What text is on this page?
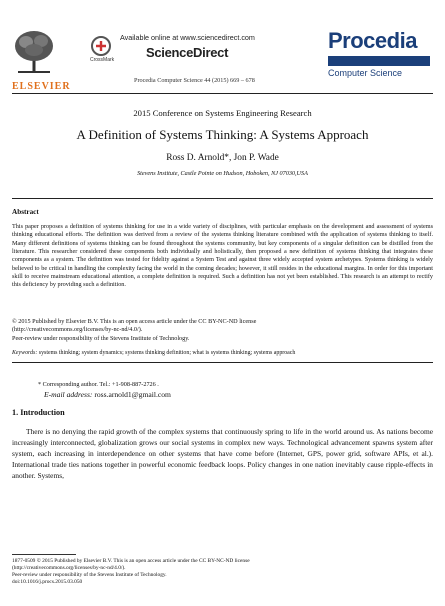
ELSEVIER
CrossMark
Available online at www.sciencedirect.com
ScienceDirect
Procedia Computer Science 44 (2015) 669 – 678
Procedia
Computer Science
2015 Conference on Systems Engineering Research
A Definition of Systems Thinking: A Systems Approach
Ross D. Arnold*, Jon P. Wade
Stevens Institute, Castle Pointe on Hudson, Hoboken, NJ 07030,USA
Abstract
This paper proposes a definition of systems thinking for use in a wide variety of disciplines, with particular emphasis on the development and assessment of systems thinking educational efforts. The definition was derived from a review of the systems thinking literature combined with the application of systems thinking to itself. Many different definitions of systems thinking can be found throughout the systems community, but key components of a singular definition can be distilled from the literature. This researcher considered these components both individually and holistically, then proposed a new definition of systems thinking that integrates these components as a system. The definition was tested for fidelity against a System Test and against three widely accepted system archetypes. Systems thinking is widely believed to be critical in handling the complexity facing the world in the coming decades; however, it still resides in the educational margins. In order for this important skill to receive mainstream educational attention, a complete definition is required. Such a definition has not yet been established. This research is an attempt to rectify this deficiency by providing such a definition.
© 2015 Published by Elsevier B.V. This is an open access article under the CC BY-NC-ND license
(http://creativecommons.org/licenses/by-nc-nd/4.0/).
Peer-review under responsibility of the Stevens Institute of Technology.
Keywords: systems thinking; system dynamics; systems thinking definition; what is systems thinking; systems approach
* Corresponding author. Tel.: +1-908-887-2726 .
E-mail address: ross.arnold1@gmail.com
1. Introduction
There is no denying the rapid growth of the complex systems that continuously spring to life in the world around us. As nations become increasingly interconnected, globalization grows our social systems in complex new ways. Technological advancement spawns system after system, each increasing in interdependence on other systems that have come before (Internet, GPS, power grid, software APIs, et al.). International trade ties nations together in powerful economic feedback loops. Policy changes in one nation inevitably cause ripple-effects in another. Systems,
1877-0509 © 2015 Published by Elsevier B.V. This is an open access article under the CC BY-NC-ND license
(http://creativecommons.org/licenses/by-nc-nd/4.0/).
Peer-review under responsibility of the Stevens Institute of Technology.
doi:10.1016/j.procs.2015.03.050
